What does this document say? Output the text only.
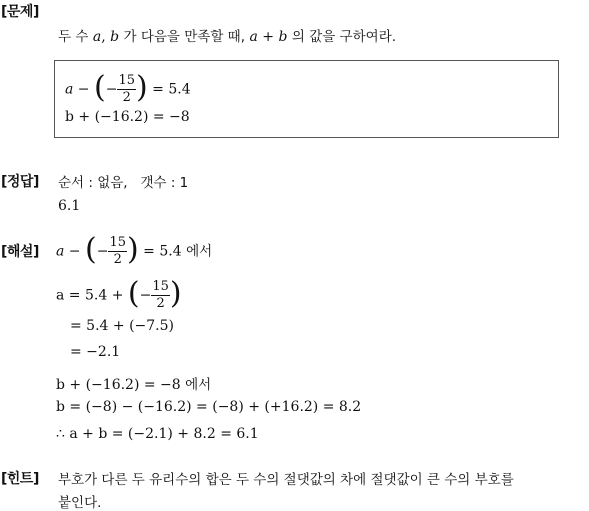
[문제]
두 수 a, b 가 다음을 만족할 때, a + b 의 값을 구하여라.
a − (− $\frac{15}{2}$ ) = 5.4
b + (−16.2) = −8
[정답] 순서 : 없음, 갯수 : 1
6.1
[해설] a − (− $\frac{15}{2}$ ) = 5.4 에서
a = 5.4 + (− $\frac{15}{2}$ )
= 5.4 + (−7.5)
= −2.1
b + (−16.2) = −8 에서
b = (−8) − (−16.2) = (−8) + (+16.2) = 8.2
∴ a + b = (−2.1) + 8.2 = 6.1
[힌트] 부호가 다른 두 유리수의 합은 두 수의 절댓값의 차에 절댓값이 큰 수의 부호를
붙인다.
